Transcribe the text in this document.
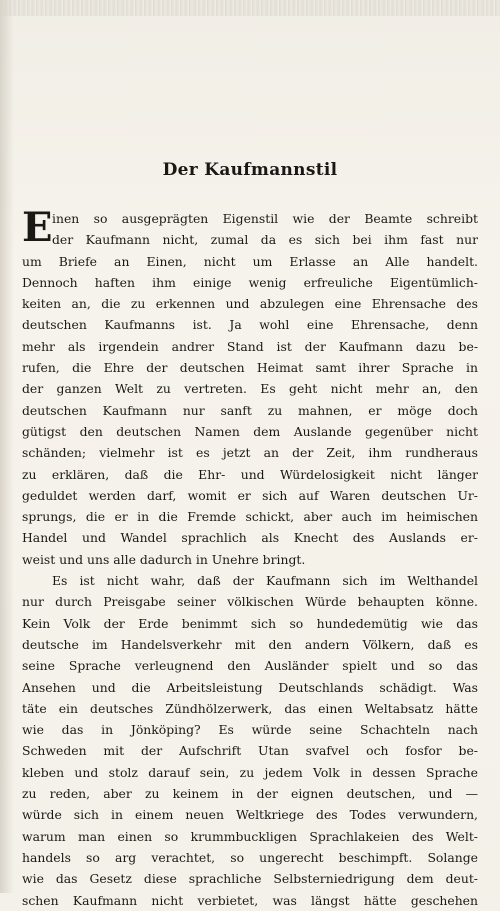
Der Kaufmannstil
E inen so ausgeprägten Eigenstil wie der Beamte schreibt
der Kaufmann nicht, zumal da es sich bei ihm fast nur
um Briefe an Einen, nicht um Erlasse an Alle handelt.
Dennoch haften ihm einige wenig erfreuliche Eigentümlich-
keiten an, die zu erkennen und abzulegen eine Ehrensache des
deutschen Kaufmanns ist. Ja wohl eine Ehrensache, denn
mehr als irgendein andrer Stand ist der Kaufmann dazu be-
rufen, die Ehre der deutschen Heimat samt ihrer Sprache in
der ganzen Welt zu vertreten. Es geht nicht mehr an, den
deutschen Kaufmann nur sanft zu mahnen, er möge doch
gütigst den deutschen Namen dem Auslande gegenüber nicht
schänden; vielmehr ist es jetzt an der Zeit, ihm rundheraus
zu erklären, daß die Ehr- und Würdelosigkeit nicht länger
geduldet werden darf, womit er sich auf Waren deutschen Ur-
sprungs, die er in die Fremde schickt, aber auch im heimischen
Handel und Wandel sprachlich als Knecht des Auslands er-
weist und uns alle dadurch in Unehre bringt.
Es ist nicht wahr, daß der Kaufmann sich im Welthandel
nur durch Preisgabe seiner völkischen Würde behaupten könne.
Kein Volk der Erde benimmt sich so hundedemütig wie das
deutsche im Handelsverkehr mit den andern Völkern, daß es
seine Sprache verleugnend den Ausländer spielt und so das
Ansehen und die Arbeitsleistung Deutschlands schädigt. Was
täte ein deutsches Zündhölzerwerk, das einen Weltabsatz hätte
wie das in Jönköping? Es würde seine Schachteln nach
Schweden mit der Aufschrift Utan svafvel och fosfor be-
kleben und stolz darauf sein, zu jedem Volk in dessen Sprache
zu reden, aber zu keinem in der eignen deutschen, und —
würde sich in einem neuen Weltkriege des Todes verwundern,
warum man einen so krummbuckligen Sprachlakeien des Welt-
handels so arg verachtet, so ungerecht beschimpft. Solange
wie das Gesetz diese sprachliche Selbsterniedrigung dem deut-
schen Kaufmann nicht verbietet, was längst hätte geschehen
